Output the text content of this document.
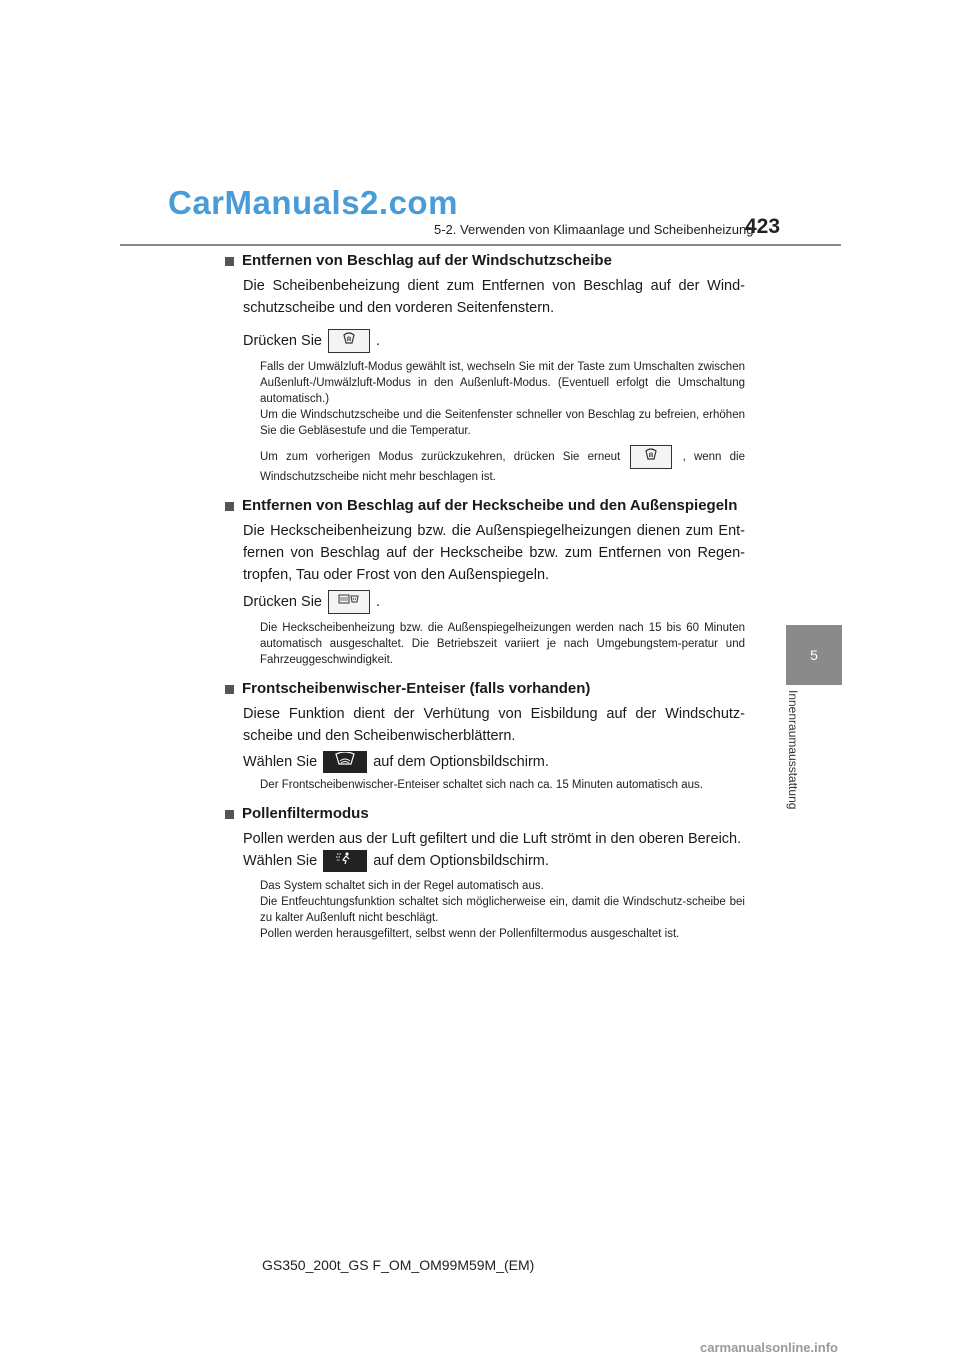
CarManuals2.com
5-2. Verwenden von Klimaanlage und Scheibenheizung
423
5
Innenraumausstattung
Entfernen von Beschlag auf der Windschutzscheibe

Die Scheibenbeheizung dient zum Entfernen von Beschlag auf der Wind-schutzscheibe und den vorderen Seitenfenstern.

Drücken Sie	.

Falls der Umwälzluft-Modus gewählt ist, wechseln Sie mit der Taste zum Umschalten zwischen Außenluft-/Umwälzluft-Modus in den Außenluft-Modus. (Eventuell erfolgt die Umschaltung automatisch.)

Um die Windschutzscheibe und die Seitenfenster schneller von Beschlag zu befreien, erhöhen Sie die Gebläsestufe und die Temperatur.

Um zum vorherigen Modus zurückzukehren, drücken Sie erneut	, wenn die Windschutzscheibe nicht mehr beschlagen ist.

Entfernen von Beschlag auf der Heckscheibe und den Außenspiegeln

Die Heckscheibenheizung bzw. die Außenspiegelheizungen dienen zum Ent-fernen von Beschlag auf der Heckscheibe bzw. zum Entfernen von Regen-tropfen, Tau oder Frost von den Außenspiegeln.

Drücken Sie	.

Die Heckscheibenheizung bzw. die Außenspiegelheizungen werden nach 15 bis 60 Minuten automatisch ausgeschaltet. Die Betriebszeit variiert je nach Umgebungstem-peratur und Fahrzeuggeschwindigkeit.

Frontscheibenwischer-Enteiser (falls vorhanden)

Diese Funktion dient der Verhütung von Eisbildung auf der Windschutz-scheibe und den Scheibenwischerblättern.

Wählen Sie	auf dem Optionsbildschirm.

Der Frontscheibenwischer-Enteiser schaltet sich nach ca. 15 Minuten automatisch aus.

Pollenfiltermodus

Pollen werden aus der Luft gefiltert und die Luft strömt in den oberen Bereich.

Wählen Sie	auf dem Optionsbildschirm.

Das System schaltet sich in der Regel automatisch aus.

Die Entfeuchtungsfunktion schaltet sich möglicherweise ein, damit die Windschutz-scheibe bei zu kalter Außenluft nicht beschlägt.

Pollen werden herausgefiltert, selbst wenn der Pollenfiltermodus ausgeschaltet ist.

GS350_200t_GS F_OM_OM99M59M_(EM)
carmanualsonline.info
